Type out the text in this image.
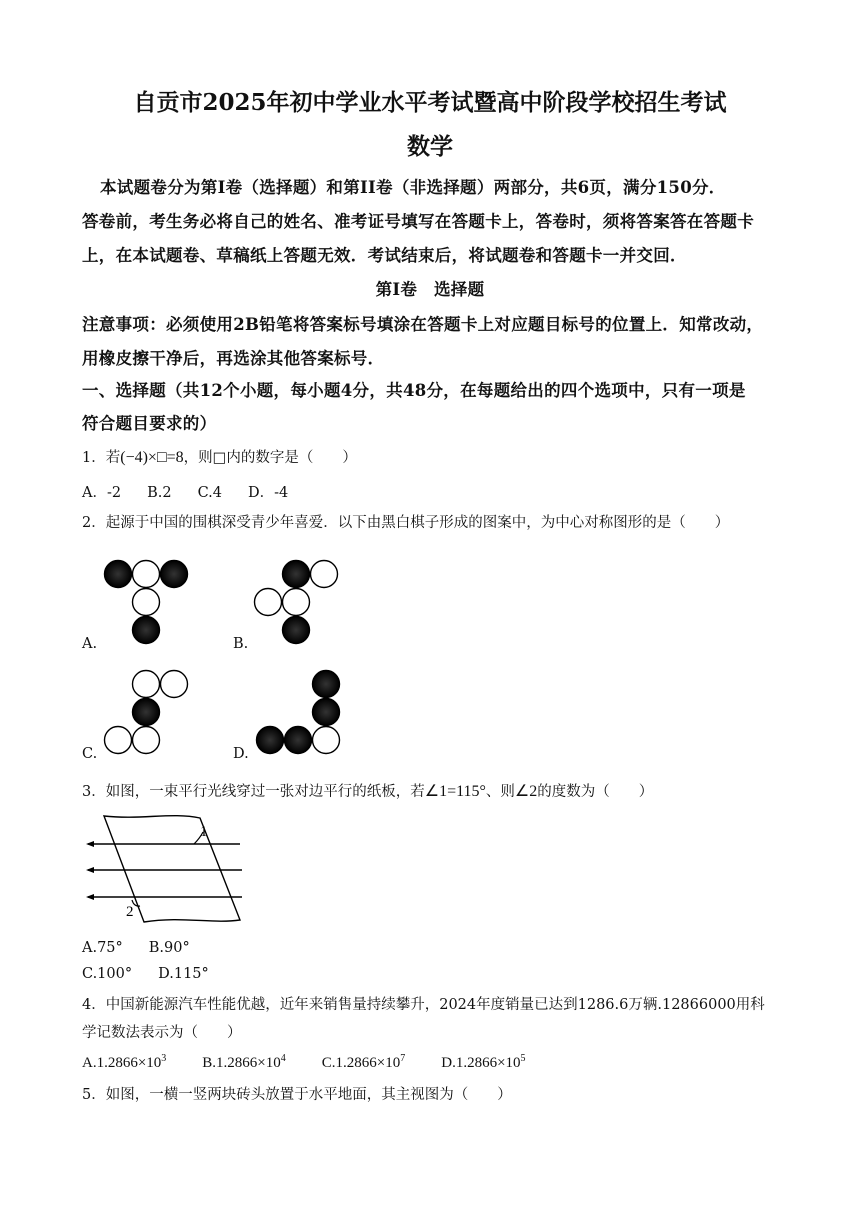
自贡市2025年初中学业水平考试暨高中阶段学校招生考试
数学
本试题卷分为第I卷（选择题）和第II卷（非选择题）两部分，共6页，满分150分．
答卷前，考生务必将自己的姓名、准考证号填写在答题卡上，答卷时，须将答案答在答题卡
上，在本试题卷、草稿纸上答题无效．考试结束后，将试题卷和答题卡一并交回．
第I卷　选择题
注意事项：必须使用2B铅笔将答案标号填涂在答题卡上对应题目标号的位置上．知常改动，
用橡皮擦干净后，再选涂其他答案标号．
一、选择题（共12个小题，每小题4分，共48分，在每题给出的四个选项中，只有一项是
符合题目要求的）
1．若(−4)×□=8，则□内的数字是（　　）
A．-2 B.2 C.4 D．-4
2．起源于中国的围棋深受青少年喜爱．以下由黑白棋子形成的图案中，为中心对称图形的是（　　）
A.	B.
C.	D.
3．如图，一束平行光线穿过一张对边平行的纸板，若∠1=115°、则∠2的度数为（　　）
1
2
A.75° B.90°
C.100° D.115°
4．中国新能源汽车性能优越，近年来销售量持续攀升，2024年度销量已达到1286.6万辆.12866000用科
学记数法表示为（　　）
$A.1.2866\times 10^3$ $B.1.2866\times 10^4$ $C.1.2866\times 10^7$ $D.1.2866\times 10^5$
5．如图，一横一竖两块砖头放置于水平地面，其主视图为（　　）
